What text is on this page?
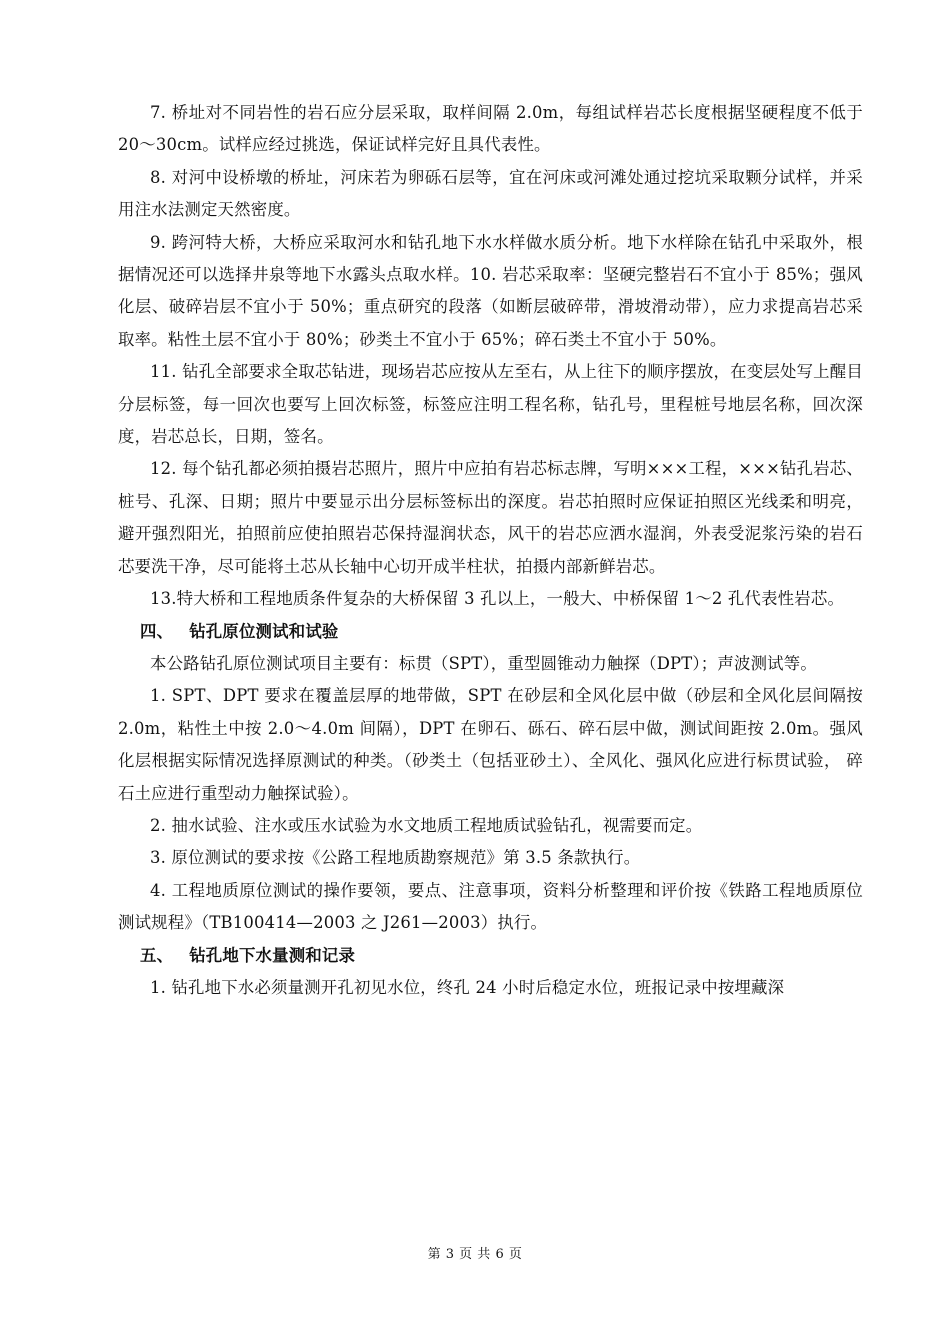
7. 桥址对不同岩性的岩石应分层采取，取样间隔 2.0m，每组试样岩芯长度根据坚硬程度不低于 20～30cm。试样应经过挑选，保证试样完好且具代表性。

8. 对河中设桥墩的桥址，河床若为卵砾石层等，宜在河床或河滩处通过挖坑采取颗分试样，并采用注水法测定天然密度。

9. 跨河特大桥，大桥应采取河水和钻孔地下水水样做水质分析。地下水样除在钻孔中采取外，根据情况还可以选择井泉等地下水露头点取水样。10. 岩芯采取率：坚硬完整岩石不宜小于 85%；强风化层、破碎岩层不宜小于 50%；重点研究的段落（如断层破碎带，滑坡滑动带），应力求提高岩芯采取率。粘性土层不宜小于 80%；砂类土不宜小于 65%；碎石类土不宜小于 50%。

11. 钻孔全部要求全取芯钻进，现场岩芯应按从左至右，从上往下的顺序摆放，在变层处写上醒目分层标签，每一回次也要写上回次标签，标签应注明工程名称，钻孔号，里程桩号地层名称，回次深度，岩芯总长，日期，签名。

12. 每个钻孔都必须拍摄岩芯照片，照片中应拍有岩芯标志牌，写明×××工程，×××钻孔岩芯、桩号、孔深、日期；照片中要显示出分层标签标出的深度。岩芯拍照时应保证拍照区光线柔和明亮，避开强烈阳光，拍照前应使拍照岩芯保持湿润状态，风干的岩芯应洒水湿润，外表受泥浆污染的岩石芯要洗干净，尽可能将土芯从长轴中心切开成半柱状，拍摄内部新鲜岩芯。

13.特大桥和工程地质条件复杂的大桥保留 3 孔以上，一般大、中桥保留 1～2 孔代表性岩芯。

四、 钻孔原位测试和试验

本公路钻孔原位测试项目主要有：标贯（SPT），重型圆锥动力触探（DPT）；声波测试等。

1. SPT、DPT 要求在覆盖层厚的地带做，SPT 在砂层和全风化层中做（砂层和全风化层间隔按 2.0m，粘性土中按 2.0～4.0m 间隔），DPT 在卵石、砾石、碎石层中做，测试间距按 2.0m。强风化层根据实际情况选择原测试的种类。（砂类土（包括亚砂土）、全风化、强风化应进行标贯试验， 碎石土应进行重型动力触探试验）。

2. 抽水试验、注水或压水试验为水文地质工程地质试验钻孔，视需要而定。

3. 原位测试的要求按《公路工程地质勘察规范》第 3.5 条款执行。

4. 工程地质原位测试的操作要领，要点、注意事项，资料分析整理和评价按《铁路工程地质原位测试规程》（TB100414—2003 之 J261—2003）执行。

五、 钻孔地下水量测和记录

1. 钻孔地下水必须量测开孔初见水位，终孔 24 小时后稳定水位，班报记录中按埋藏深

第 3 页 共 6 页
